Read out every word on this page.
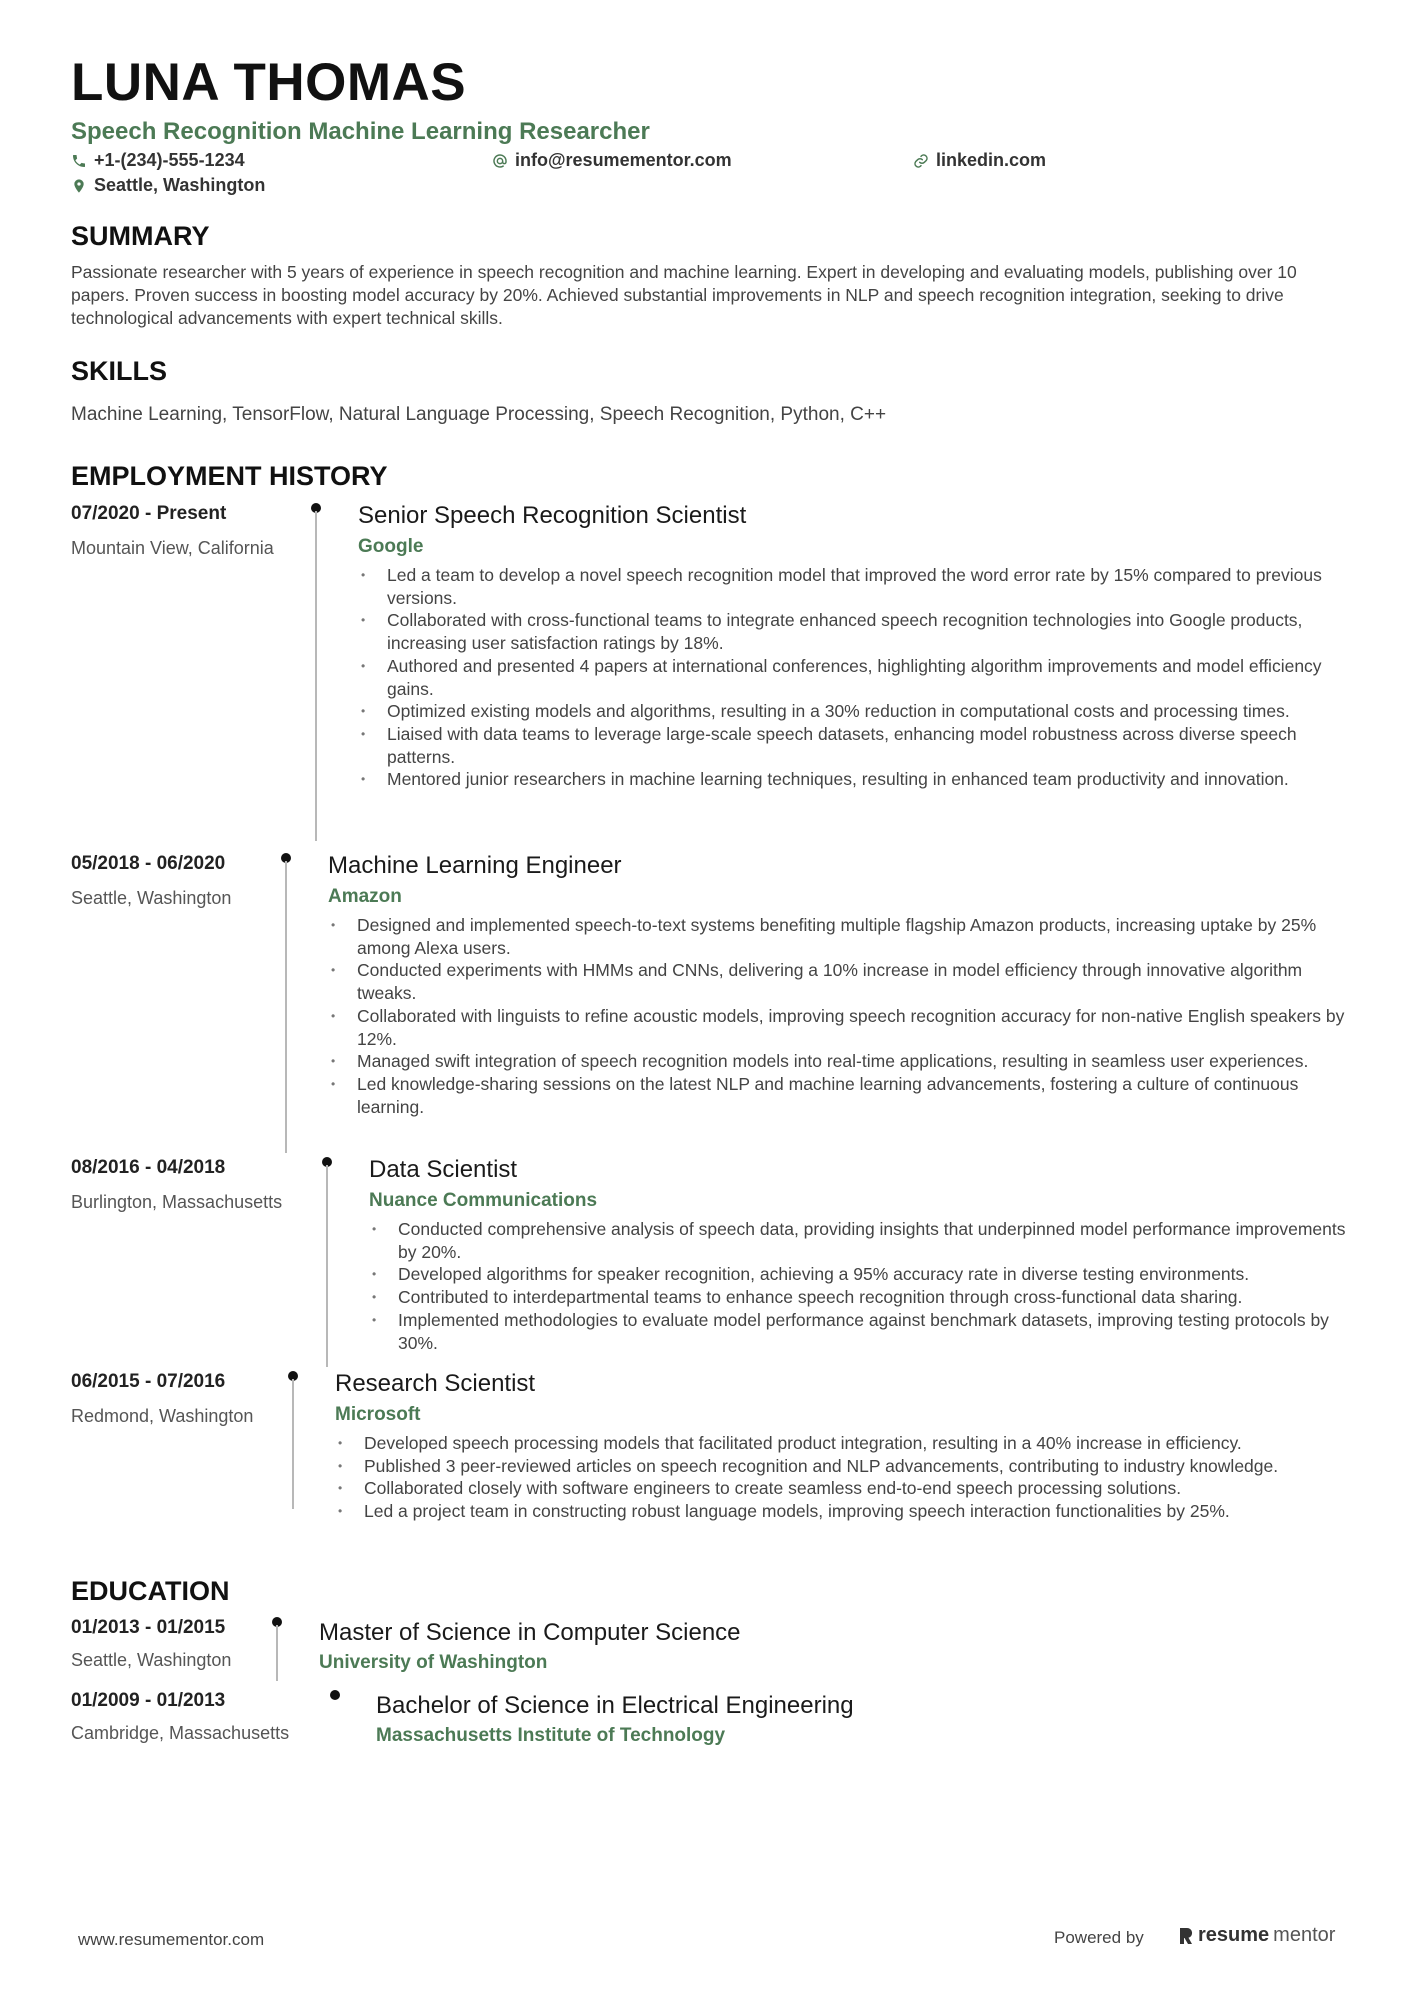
LUNA THOMAS
Speech Recognition Machine Learning Researcher
+1-(234)-555-1234	info@resumementor.com	linkedin.com
Seattle, Washington
SUMMARY
Passionate researcher with 5 years of experience in speech recognition and machine learning. Expert in developing and evaluating models, publishing over 10 papers. Proven success in boosting model accuracy by 20%. Achieved substantial improvements in NLP and speech recognition integration, seeking to drive technological advancements with expert technical skills.
SKILLS
Machine Learning, TensorFlow, Natural Language Processing, Speech Recognition, Python, C++
EMPLOYMENT HISTORY
07/2020 - Present
Mountain View, California
Senior Speech Recognition Scientist
Google
• Led a team to develop a novel speech recognition model that improved the word error rate by 15% compared to previous versions.
• Collaborated with cross-functional teams to integrate enhanced speech recognition technologies into Google products, increasing user satisfaction ratings by 18%.
• Authored and presented 4 papers at international conferences, highlighting algorithm improvements and model efficiency gains.
• Optimized existing models and algorithms, resulting in a 30% reduction in computational costs and processing times.
• Liaised with data teams to leverage large-scale speech datasets, enhancing model robustness across diverse speech patterns.
• Mentored junior researchers in machine learning techniques, resulting in enhanced team productivity and innovation.
05/2018 - 06/2020
Seattle, Washington
Machine Learning Engineer
Amazon
• Designed and implemented speech-to-text systems benefiting multiple flagship Amazon products, increasing uptake by 25% among Alexa users.
• Conducted experiments with HMMs and CNNs, delivering a 10% increase in model efficiency through innovative algorithm tweaks.
• Collaborated with linguists to refine acoustic models, improving speech recognition accuracy for non-native English speakers by 12%.
• Managed swift integration of speech recognition models into real-time applications, resulting in seamless user experiences.
• Led knowledge-sharing sessions on the latest NLP and machine learning advancements, fostering a culture of continuous learning.
08/2016 - 04/2018
Burlington, Massachusetts
Data Scientist
Nuance Communications
• Conducted comprehensive analysis of speech data, providing insights that underpinned model performance improvements by 20%.
• Developed algorithms for speaker recognition, achieving a 95% accuracy rate in diverse testing environments.
• Contributed to interdepartmental teams to enhance speech recognition through cross-functional data sharing.
• Implemented methodologies to evaluate model performance against benchmark datasets, improving testing protocols by 30%.
06/2015 - 07/2016
Redmond, Washington
Research Scientist
Microsoft
• Developed speech processing models that facilitated product integration, resulting in a 40% increase in efficiency.
• Published 3 peer-reviewed articles on speech recognition and NLP advancements, contributing to industry knowledge.
• Collaborated closely with software engineers to create seamless end-to-end speech processing solutions.
• Led a project team in constructing robust language models, improving speech interaction functionalities by 25%.
EDUCATION
01/2013 - 01/2015
Seattle, Washington
Master of Science in Computer Science
University of Washington
01/2009 - 01/2013
Cambridge, Massachusetts
Bachelor of Science in Electrical Engineering
Massachusetts Institute of Technology
www.resumementor.com	Powered by	resume mentor
